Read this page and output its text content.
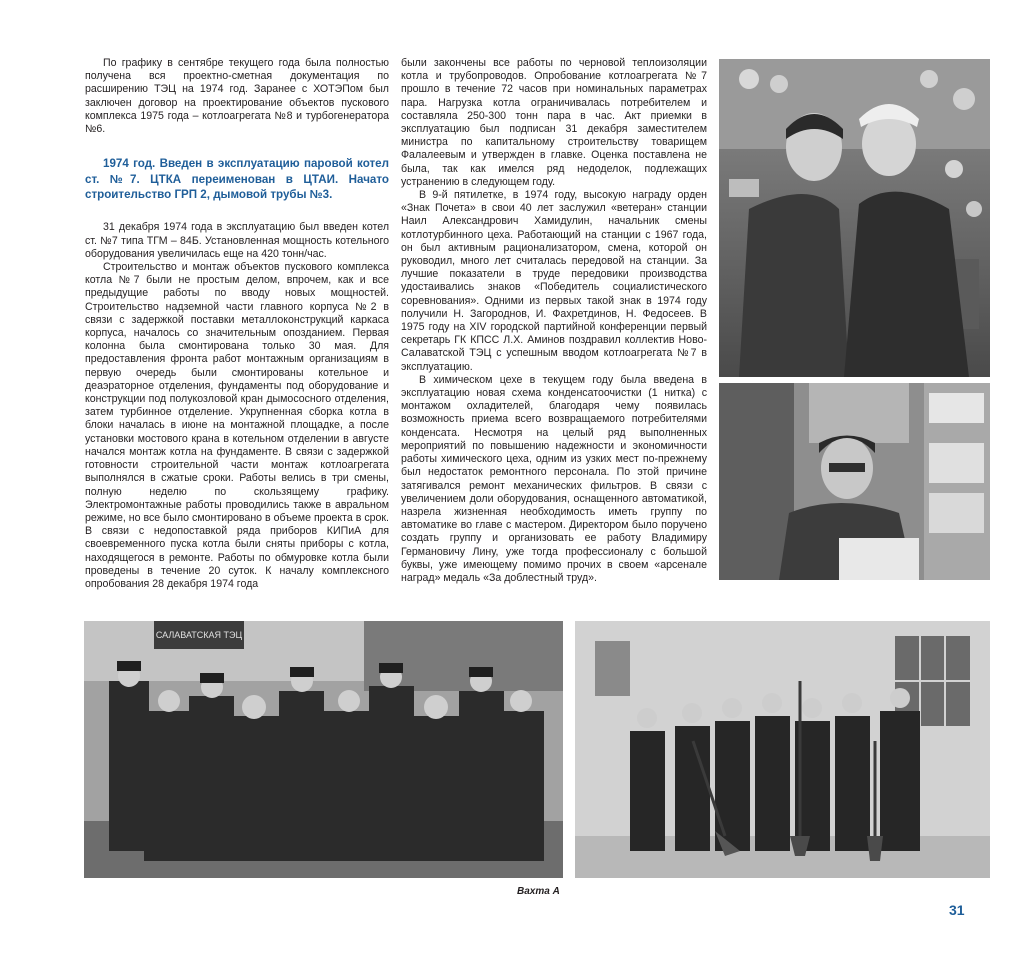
По графику в сентябре текущего года была полностью получена вся проектно-сметная документация по расширению ТЭЦ на 1974 год. Заранее с ХОТЭПом был заключен договор на проектирование объектов пускового комплекса 1975 года – котлоагрегата №8 и турбогенератора №6.

1974 год. Введен в эксплуатацию паровой котел ст. №7. ЦТКА переименован в ЦТАИ. Начато строительство ГРП 2, дымовой трубы №3.

31 декабря 1974 года в эксплуатацию был введен котел ст. №7 типа ТГМ – 84Б. Установленная мощность котельного оборудования увеличилась еще на 420 тонн/час.

Строительство и монтаж объектов пускового комплекса котла №7 были не простым делом, впрочем, как и все предыдущие работы по вводу новых мощностей. Строительство надземной части главного корпуса №2 в связи с задержкой поставки металлоконструкций каркаса корпуса, началось со значительным опозданием. Первая колонна была смонтирована только 30 мая. Для предоставления фронта работ монтажным организациям в первую очередь были смонтированы котельное и деаэраторное отделения, фундаменты под оборудование и конструкции под полукозловой кран дымососного отделения, затем турбинное отделение. Укрупненная сборка котла в блоки началась в июне на монтажной площадке, а после установки мостового крана в котельном отделении в августе начался монтаж котла на фундаменте. В связи с задержкой готовности строительной части монтаж котлоагрегата выполнялся в сжатые сроки. Работы велись в три смены, полную неделю по скользящему графику. Электромонтажные работы проводились также в авральном режиме, но все было смонтировано в объеме проекта в срок. В связи с недопоставкой ряда приборов КИПиА для своевременного пуска котла были сняты приборы с котла, находящегося в ремонте. Работы по обмуровке котла были проведены в течение 20 суток. К началу комплексного опробования 28 декабря 1974 года

были закончены все работы по черновой теплоизоляции котла и трубопроводов. Опробование котлоагрегата №7 прошло в течение 72 часов при номинальных параметрах пара. Нагрузка котла ограничивалась потребителем и составляла 250-300 тонн пара в час. Акт приемки в эксплуатацию был подписан 31 декабря заместителем министра по капитальному строительству товарищем Фалалеевым и утвержден в главке. Оценка поставлена не была, так как имелся ряд недоделок, подлежащих устранению в следующем году.

В 9-й пятилетке, в 1974 году, высокую награду орден «Знак Почета» в свои 40 лет заслужил «ветеран» станции Наил Александрович Хамидулин, начальник смены котлотурбинного цеха. Работающий на станции с 1967 года, он был активным рационализатором, смена, которой он руководил, много лет считалась передовой на станции. За лучшие показатели в труде передовики производства удостаивались знаков «Победитель социалистического соревнования». Одними из первых такой знак в 1974 году получили Н. Загороднов, И. Фахретдинов, Н. Федосеев. В 1975 году на XIV городской партийной конференции первый секретарь ГК КПСС Л.Х. Аминов поздравил коллектив Ново-Салаватской ТЭЦ с успешным вводом котлоагрегата №7 в эксплуатацию.

В химическом цехе в текущем году была введена в эксплуатацию новая схема конденсатоочистки (1 нитка) с монтажом охладителей, благодаря чему появилась возможность приема всего возвращаемого потребителями конденсата. Несмотря на целый ряд выполненных мероприятий по повышению надежности и экономичности работы химического цеха, одним из узких мест по-прежнему был недостаток ремонтного персонала. По этой причине затягивался ремонт механических фильтров. В связи с увеличением доли оборудования, оснащенного автоматикой, назрела жизненная необходимость иметь группу по автоматике во главе с мастером. Директором было поручено создать группу и организовать ее работу Владимиру Германовичу Лину, уже тогда профессионалу с большой буквы, уже имеющему помимо прочих в своем «арсенале наград» медаль «За доблестный труд».

САЛАВАТСКАЯ ТЭЦ
Вахта А
31
